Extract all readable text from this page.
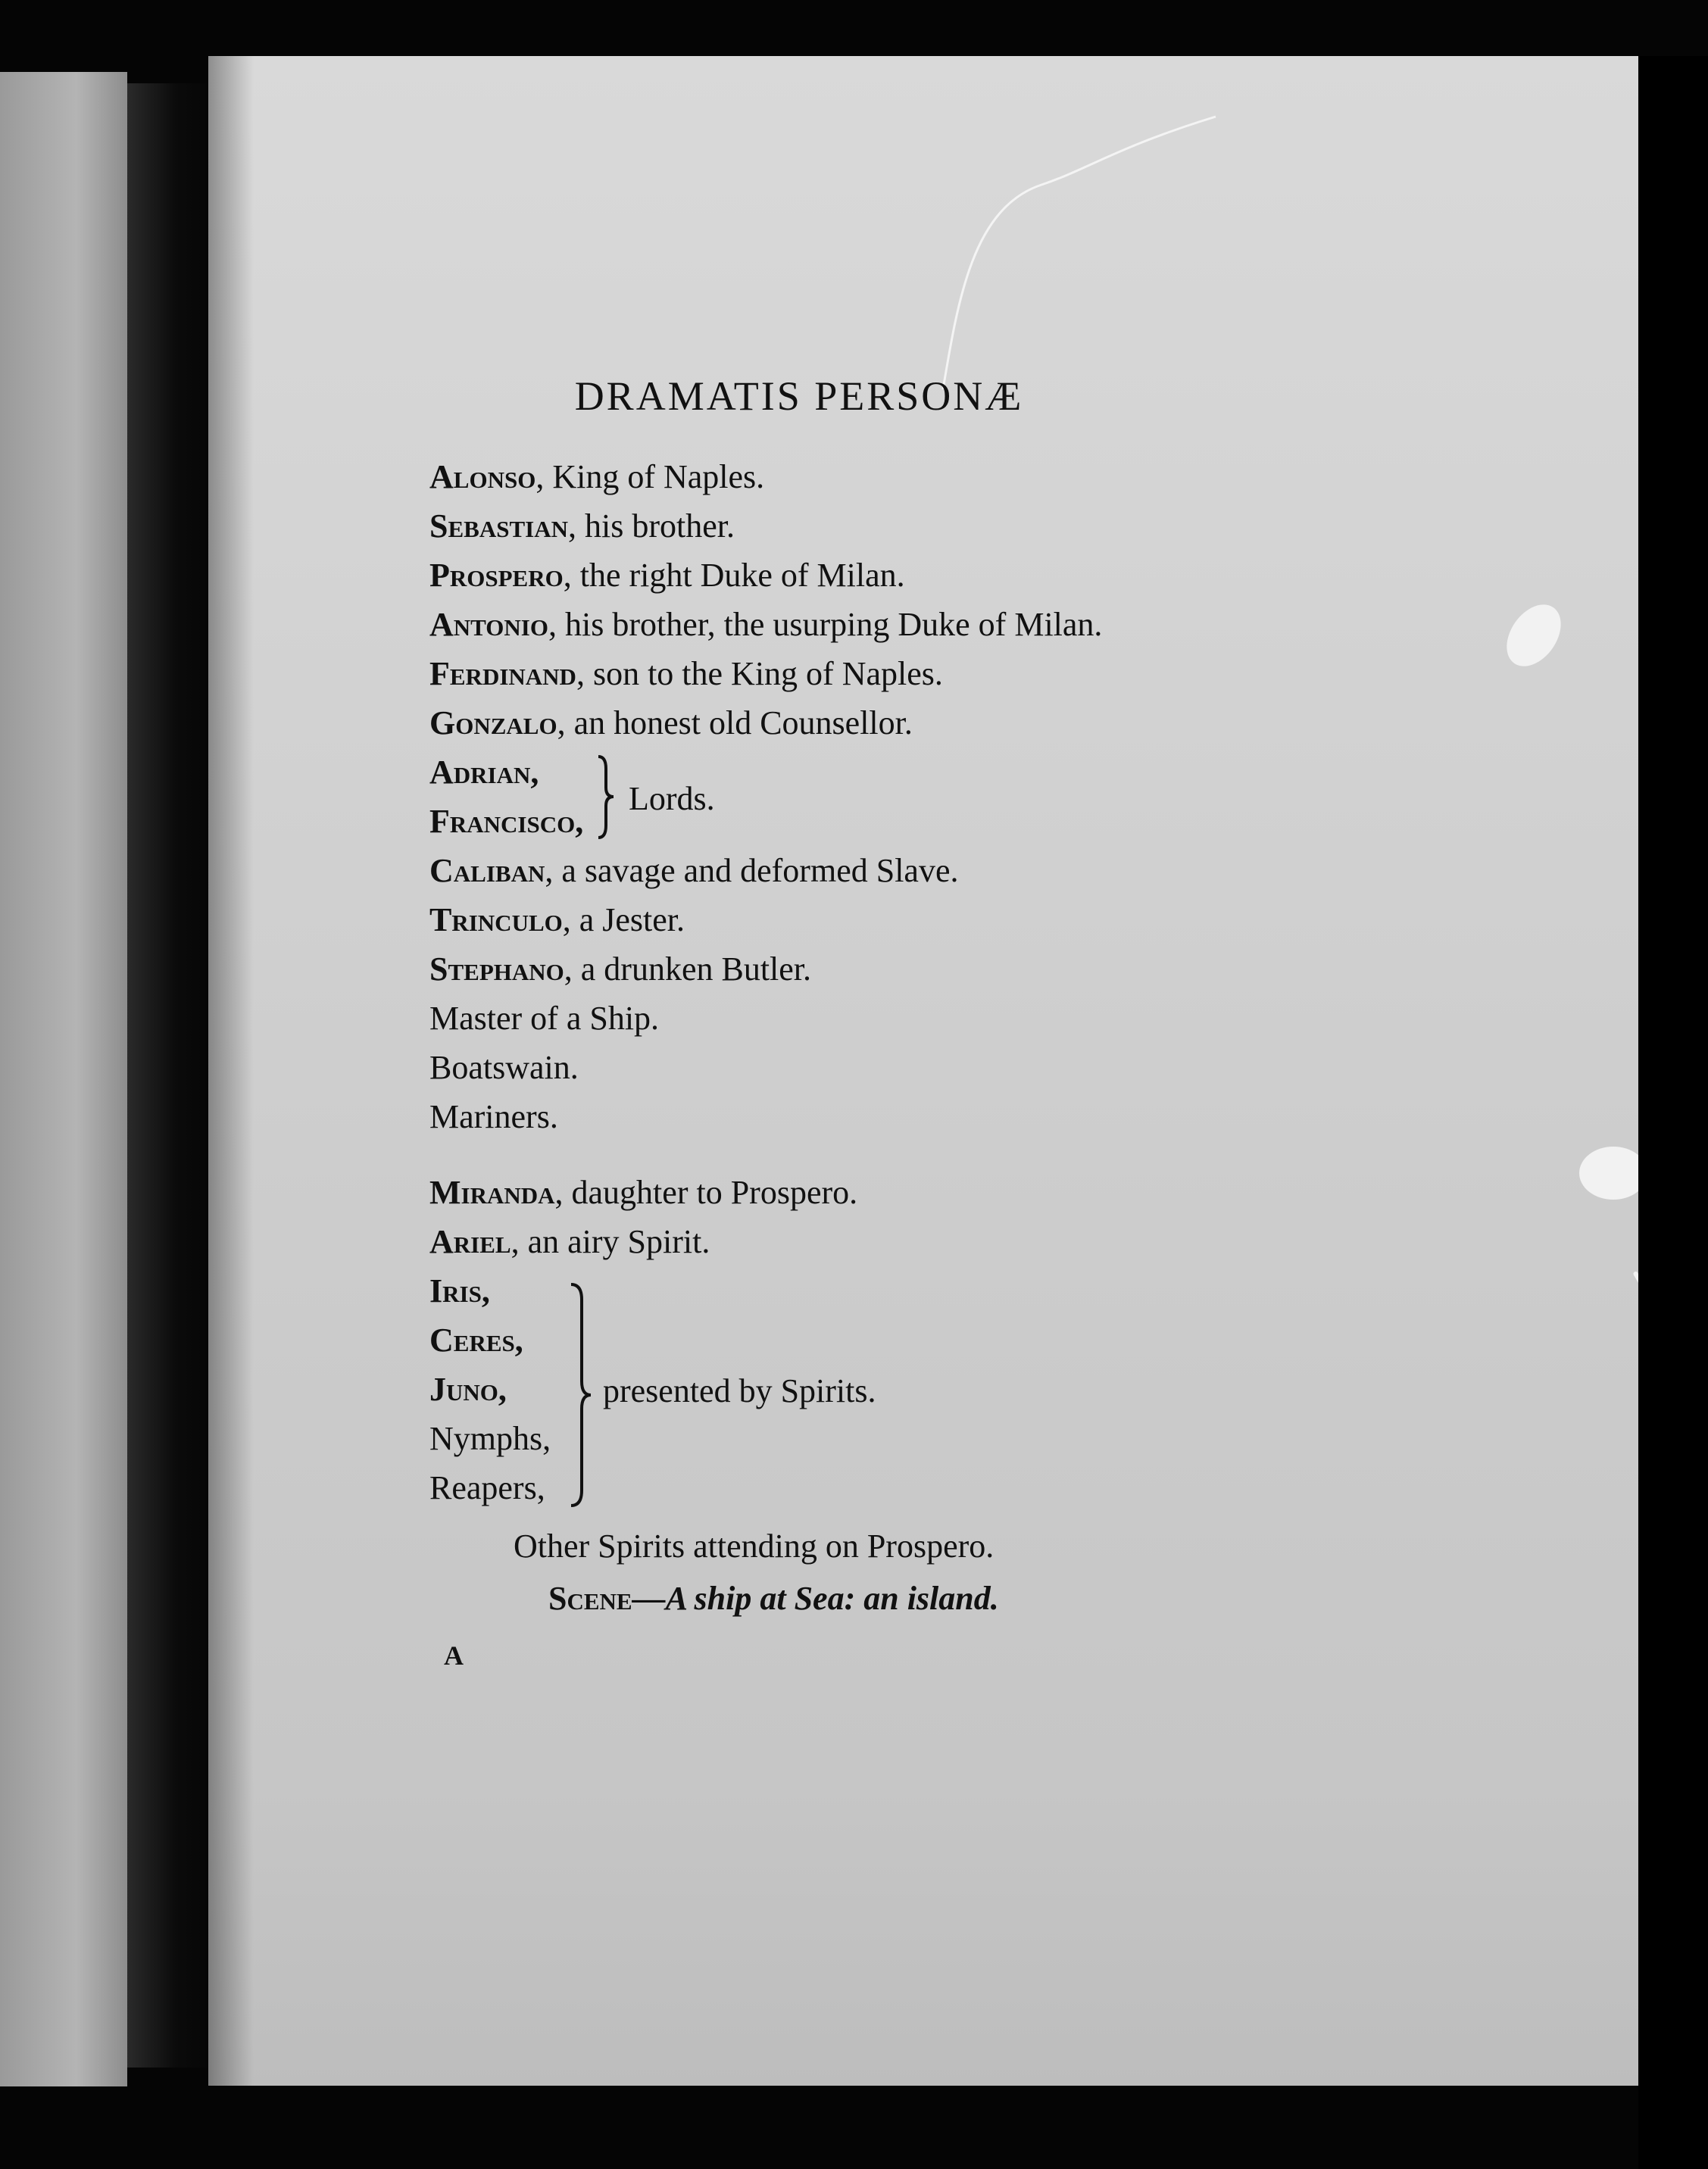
DRAMATIS PERSONÆ
Alonso, King of Naples.
Sebastian, his brother.
Prospero, the right Duke of Milan.
Antonio, his brother, the usurping Duke of Milan.
Ferdinand, son to the King of Naples.
Gonzalo, an honest old Counsellor.
Adrian,
Francisco,
Lords.
Caliban, a savage and deformed Slave.
Trinculo, a Jester.
Stephano, a drunken Butler.
Master of a Ship.
Boatswain.
Mariners.
Miranda, daughter to Prospero.
Ariel, an airy Spirit.
Iris,
Ceres,
Juno,
Nymphs,
Reapers,
presented by Spirits.
Other Spirits attending on Prospero.
Scene—A ship at Sea: an island.
A
